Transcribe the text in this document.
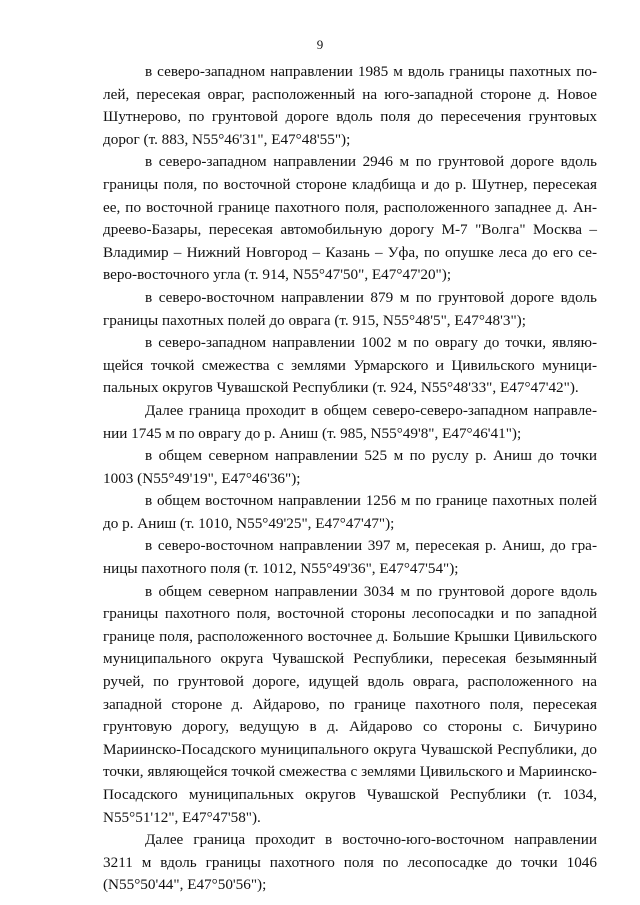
9

в северо-западном направлении 1985 м вдоль границы пахотных полей, пересекая овраг, расположенный на юго-западной стороне д. Новое Шутнерово, по грунтовой дороге вдоль поля до пересечения грунтовых дорог (т. 883, N55°46'31", E47°48'55");

в северо-западном направлении 2946 м по грунтовой дороге вдоль границы поля, по восточной стороне кладбища и до р. Шутнер, пересекая ее, по восточной границе пахотного поля, расположенного западнее д. Андреево-Базары, пересекая автомобильную дорогу М-7 "Волга" Москва – Владимир – Нижний Новгород – Казань – Уфа, по опушке леса до его северо-восточного угла (т. 914, N55°47'50", E47°47'20");

в северо-восточном направлении 879 м по грунтовой дороге вдоль границы пахотных полей до оврага (т. 915, N55°48'5", E47°48'3");

в северо-западном направлении 1002 м по оврагу до точки, являющейся точкой смежества с землями Урмарского и Цивильского муниципальных округов Чувашской Республики (т. 924, N55°48'33", E47°47'42").

Далее граница проходит в общем северо-северо-западном направлении 1745 м по оврагу до р. Аниш (т. 985, N55°49'8", E47°46'41");

в общем северном направлении 525 м по руслу р. Аниш до точки 1003 (N55°49'19", E47°46'36");

в общем восточном направлении 1256 м по границе пахотных полей до р. Аниш (т. 1010, N55°49'25", E47°47'47");

в северо-восточном направлении 397 м, пересекая р. Аниш, до границы пахотного поля (т. 1012, N55°49'36", E47°47'54");

в общем северном направлении 3034 м по грунтовой дороге вдоль границы пахотного поля, восточной стороны лесопосадки и по западной границе поля, расположенного восточнее д. Большие Крышки Цивильского муниципального округа Чувашской Республики, пересекая безымянный ручей, по грунтовой дороге, идущей вдоль оврага, расположенного на западной стороне д. Айдарово, по границе пахотного поля, пересекая грунтовую дорогу, ведущую в д. Айдарово со стороны с. Бичурино Мариинско-Посадского муниципального округа Чувашской Республики, до точки, являющейся точкой смежества с землями Цивильского и Мариинско-Посадского муниципальных округов Чувашской Республики (т. 1034, N55°51'12", E47°47'58").

Далее граница проходит в восточно-юго-восточном направлении 3211 м вдоль границы пахотного поля по лесопосадке до точки 1046 (N55°50'44", E47°50'56");
